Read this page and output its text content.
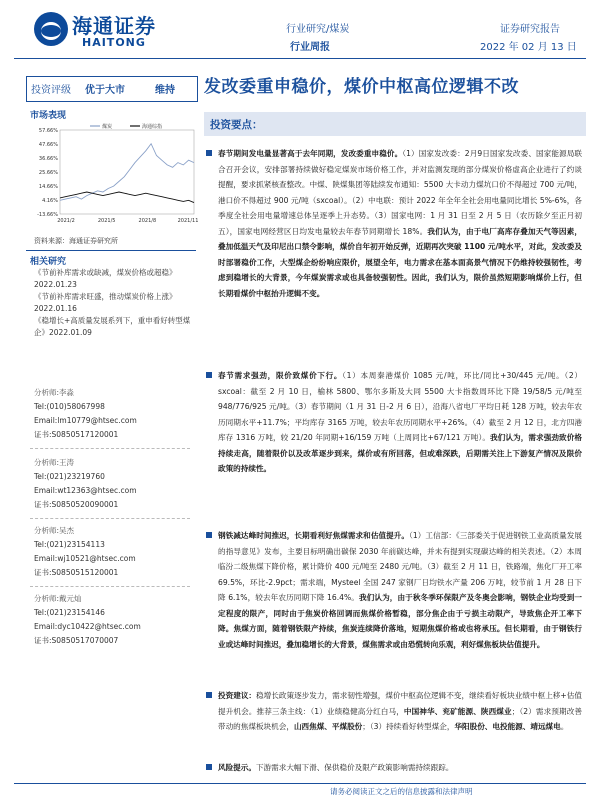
海通证券
HAITONG
行业研究/煤炭
行业周报
证券研究报告
2022 年 02 月 13 日
投资评级 优于大市	维持 发改委重申稳价，煤价中枢高位逻辑不改
市场表现
57.66%
47.66%
36.66%
25.66%
14.66%
4.16%
-13.66%
2021/2	2021/5	2021/8	2021/11
煤炭	海通综指
资料来源：海通证券研究所
相关研究
《节前补库需求或缺减，煤炭价格或超稳》2022.01.23
《节前补库需求旺盛，推动煤炭价格上涨》2022.01.16
《稳增长+高质量发展系列下，重申看好转型煤企》2022.01.09
分析师:李淼
Tel:(010)58067998
Email:lm10779@htsec.com
证书:S0850517120001
分析师:王涛
Tel:(021)23219760
Email:wt12363@htsec.com
证书:S0850520090001
分析师:吴杰
Tel:(021)23154113
Email:wj10521@htsec.com
证书:S0850515120001
分析师:戴元灿
Tel:(021)23154146
Email:dyc10422@htsec.com
证书:S0850517070007
投资要点：
春节期间发电量显著高于去年同期，发改委重申稳价。（1）国家发改委：2月9日国家发改委、国家能源局联合召开会议，安排部署持续做好稳定煤炭市场价格工作，并对监测发现的部分煤炭价格虚高企业进行了约谈提醒，要求抓紧核查整改。中煤、陕煤集团等陆续发布通知：5500 大卡动力煤坑口价不得超过 700 元/吨，港口价不得超过 900 元/吨（sxcoal）。（2）中电联：预计 2022 年全年全社会用电量同比增长 5%-6%，各季度全社会用电量增速总体呈逐季上升态势。（3）国家电网：1 月 31 日至 2 月 5 日（农历除夕至正月初五），国家电网经营区日均发电量较去年春节同期增长 18%。我们认为，由于电厂高库存叠加天气等因素，叠加低温天气及印尼出口禁令影响，煤价自年初开始反弹，近期再次突破 1100 元/吨水平，对此，发改委及时部署稳价工作，大型煤企纷纷响应限价，展望全年，电力需求在基本面高景气情况下仍维持较强韧性，考虑到稳增长的大背景，今年煤炭需求或也具备较强韧性。因此，我们认为，限价虽然短期影响煤价上行，但长期看煤价中枢抬升逻辑不变。
春节需求强劲，限价致煤价下行。（1）本周秦港煤价 1085 元/吨，环比/同比+30/445 元/吨。（2）sxcoal：截至 2 月 10 日，榆林 5800、鄂尔多斯及大同 5500 大卡指数周环比下降 19/58/5 元/吨至 948/776/925 元/吨。（3）春节期间（1 月 31 日-2 月 6 日），沿海八省电厂平均日耗 128 万吨，较去年农历同期水平+11.7%；平均库存 3165 万吨，较去年农历同期水平+26%。（4）截至 2 月 12 日，北方四港库存 1316 万吨，较 21/20 年同期+16/159 万吨（上周同比+67/121 万吨）。我们认为，需求强劲致价格持续走高，随着限价以及改革逐步到来，煤价或有所回落，但或难深跌，后期需关注上下游复产情况及限价政策的持续性。
钢铁减达峰时间推迟，长期看利好焦煤需求和估值提升。（1）工信部：《三部委关于促进钢铁工业高质量发展的指导意见》发布，主要目标明确出碳保 2030 年前碳达峰，并未有提到实现碳达峰的相关表述。（2）本周临汾二级焦煤下降价格，累计降价 400 元/吨至 2480 元/吨。（3）截至 2 月 11 日，铁路端，焦化厂开工率 69.5%，环比-2.9pct；需求端，Mysteel 全国 247 家钢厂日均铁水产量 206 万吨，较节前 1 月 28 日下降 6.1%，较去年农历同期下降 16.4%。我们认为，由于秋冬季环保限产及冬奥会影响，钢铁企业均受到一定程度的限产，同时由于焦炭价格回调而焦煤价格暂稳，部分焦企由于亏损主动限产，导致焦企开工率下降。焦煤方面，随着钢铁限产持续，焦炭连续降价落地，短期焦煤价格或也将承压。但长期看，由于钢铁行业或达峰时间推迟，叠加稳增长的大背景，煤焦需求或由恐慌转向乐观，利好煤焦板块估值提升。
投资建议：稳增长政策逐步发力，需求韧性增强，煤价中枢高位逻辑不变，继续看好板块业绩中枢上移+估值提升机会。推荐三条主线：（1）业绩稳健高分红白马，中国神华、兖矿能源、陕西煤业；（2）需求预期改善带动的焦煤板块机会，山西焦煤、平煤股份；（3）持续看好转型煤企，华阳股份、电投能源、靖远煤电。
风险提示。下游需求大幅下滑、保供稳价及限产政策影响需持续跟踪。
请务必阅读正文之后的信息披露和法律声明
